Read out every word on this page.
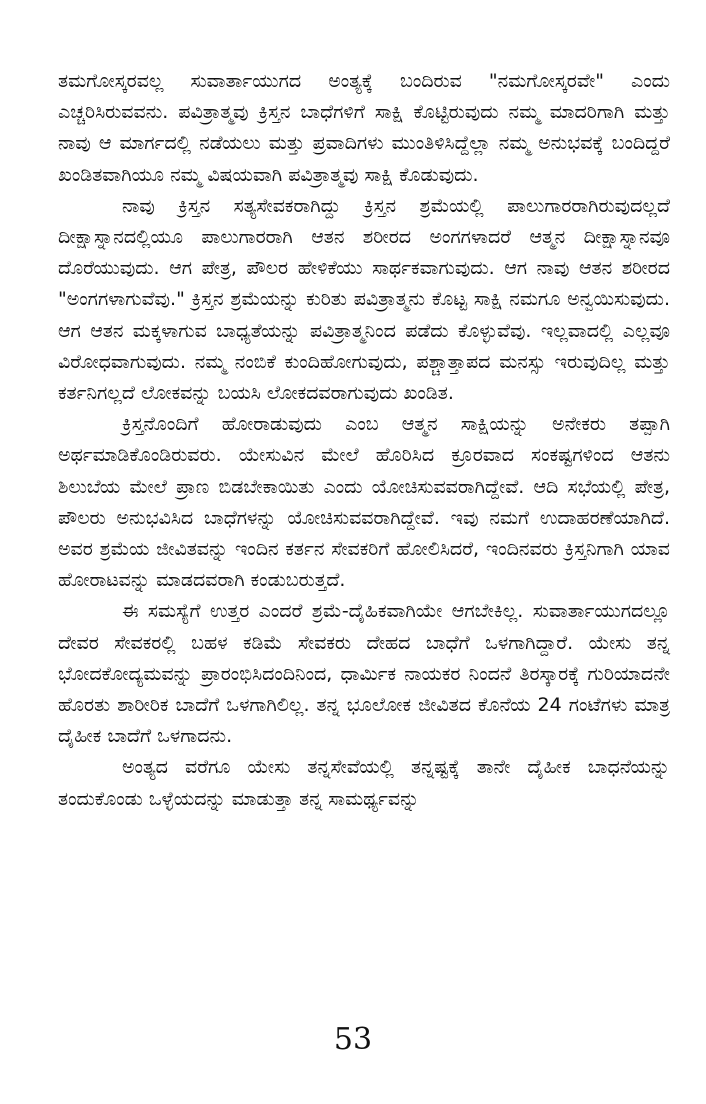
ತಮಗೋಸ್ಕರವಲ್ಲ ಸುವಾರ್ತಾಯುಗದ ಅಂತ್ಯಕ್ಕೆ ಬಂದಿರುವ "ನಮಗೋಸ್ಕರವೇ" ಎಂದು ಎಚ್ಚರಿಸಿರುವವನು. ಪವಿತ್ರಾತ್ಮವು ಕ್ರಿಸ್ತನ ಬಾಧೆಗಳಿಗೆ ಸಾಕ್ಷಿ ಕೊಟ್ಟಿರುವುದು ನಮ್ಮ ಮಾದರಿಗಾಗಿ ಮತ್ತು ನಾವು ಆ ಮಾರ್ಗದಲ್ಲಿ ನಡೆಯಲು ಮತ್ತು ಪ್ರವಾದಿಗಳು ಮುಂತಿಳಿಸಿದ್ದೆಲ್ಲಾ ನಮ್ಮ ಅನುಭವಕ್ಕೆ ಬಂದಿದ್ದರೆ ಖಂಡಿತವಾಗಿಯೂ ನಮ್ಮ ವಿಷಯವಾಗಿ ಪವಿತ್ರಾತ್ಮವು ಸಾಕ್ಷಿ ಕೊಡುವುದು.

ನಾವು ಕ್ರಿಸ್ತನ ಸತ್ಯಸೇವಕರಾಗಿದ್ದು ಕ್ರಿಸ್ತನ ಶ್ರಮೆಯಲ್ಲಿ ಪಾಲುಗಾರರಾಗಿರುವುದಲ್ಲದೆ ದೀಕ್ಷಾಸ್ನಾನದಲ್ಲಿಯೂ ಪಾಲುಗಾರರಾಗಿ ಆತನ ಶರೀರದ ಅಂಗಗಳಾದರೆ ಆತ್ಮನ ದೀಕ್ಷಾಸ್ನಾನವೂ ದೊರೆಯುವುದು. ಆಗ ಪೇತ್ರ, ಪೌಲರ ಹೇಳಿಕೆಯು ಸಾರ್ಥಕವಾಗುವುದು. ಆಗ ನಾವು ಆತನ ಶರೀರದ "ಅಂಗಗಳಾಗುವೆವು." ಕ್ರಿಸ್ತನ ಶ್ರಮೆಯನ್ನು ಕುರಿತು ಪವಿತ್ರಾತ್ಮನು ಕೊಟ್ಟ ಸಾಕ್ಷಿ ನಮಗೂ ಅನ್ವಯಿಸುವುದು. ಆಗ ಆತನ ಮಕ್ಕಳಾಗುವ ಬಾಧ್ಯತೆಯನ್ನು ಪವಿತ್ರಾತ್ಮನಿಂದ ಪಡೆದು ಕೊಳ್ಳುವೆವು. ಇಲ್ಲವಾದಲ್ಲಿ ಎಲ್ಲವೂ ವಿರೋಧವಾಗುವುದು. ನಮ್ಮ ನಂಬಿಕೆ ಕುಂದಿಹೋಗುವುದು, ಪಶ್ಚಾತ್ತಾಪದ ಮನಸ್ಸು ಇರುವುದಿಲ್ಲ ಮತ್ತು ಕರ್ತನಿಗಲ್ಲದೆ ಲೋಕವನ್ನು ಬಯಸಿ ಲೋಕದವರಾಗುವುದು ಖಂಡಿತ.

ಕ್ರಿಸ್ತನೊಂದಿಗೆ ಹೋರಾಡುವುದು ಎಂಬ ಆತ್ಮನ ಸಾಕ್ಷಿಯನ್ನು ಅನೇಕರು ತಪ್ಪಾಗಿ ಅರ್ಥಮಾಡಿಕೊಂಡಿರುವರು. ಯೇಸುವಿನ ಮೇಲೆ ಹೊರಿಸಿದ ಕ್ರೂರವಾದ ಸಂಕಷ್ಟಗಳಿಂದ ಆತನು ಶಿಲುಬೆಯ ಮೇಲೆ ಪ್ರಾಣ ಬಿಡಬೇಕಾಯಿತು ಎಂದು ಯೋಚಿಸುವವರಾಗಿದ್ದೇವೆ. ಆದಿ ಸಭೆಯಲ್ಲಿ ಪೇತ್ರ, ಪೌಲರು ಅನುಭವಿಸಿದ ಬಾಧೆಗಳನ್ನು ಯೋಚಿಸುವವರಾಗಿದ್ದೇವೆ. ಇವು ನಮಗೆ ಉದಾಹರಣೆಯಾಗಿದೆ. ಅವರ ಶ್ರಮೆಯ ಜೀವಿತವನ್ನು ಇಂದಿನ ಕರ್ತನ ಸೇವಕರಿಗೆ ಹೋಲಿಸಿದರೆ, ಇಂದಿನವರು ಕ್ರಿಸ್ತನಿಗಾಗಿ ಯಾವ ಹೋರಾಟವನ್ನು ಮಾಡದವರಾಗಿ ಕಂಡುಬರುತ್ತದೆ.

ಈ ಸಮಸ್ಯೆಗೆ ಉತ್ತರ ಎಂದರೆ ಶ್ರಮೆ-ದೈಹಿಕವಾಗಿಯೇ ಆಗಬೇಕಿಲ್ಲ. ಸುವಾರ್ತಾಯುಗದಲ್ಲೂ ದೇವರ ಸೇವಕರಲ್ಲಿ ಬಹಳ ಕಡಿಮೆ ಸೇವಕರು ದೇಹದ ಬಾಧೆಗೆ ಒಳಗಾಗಿದ್ದಾರೆ. ಯೇಸು ತನ್ನ ಭೋದಕೋದ್ಯಮವನ್ನು ಪ್ರಾರಂಭಿಸಿದಂದಿನಿಂದ, ಧಾರ್ಮಿಕ ನಾಯಕರ ನಿಂದನೆ ತಿರಸ್ಕಾರಕ್ಕೆ ಗುರಿಯಾದನೇ ಹೊರತು ಶಾರೀರಿಕ ಬಾದೆಗೆ ಒಳಗಾಗಿಲಿಲ್ಲ. ತನ್ನ ಭೂಲೋಕ ಜೀವಿತದ ಕೊನೆಯ 24 ಗಂಟೆಗಳು ಮಾತ್ರ ದೈಹೀಕ ಬಾದೆಗೆ ಒಳಗಾದನು.

ಅಂತ್ಯದ ವರೆಗೂ ಯೇಸು ತನ್ನಸೇವೆಯಲ್ಲಿ ತನ್ನಷ್ಟಕ್ಕೆ ತಾನೇ ದೈಹೀಕ ಬಾಧನೆಯನ್ನು ತಂದುಕೊಂಡು ಒಳ್ಳೆಯದನ್ನು ಮಾಡುತ್ತಾ ತನ್ನ ಸಾಮರ್ಥ್ಯವನ್ನು

53
